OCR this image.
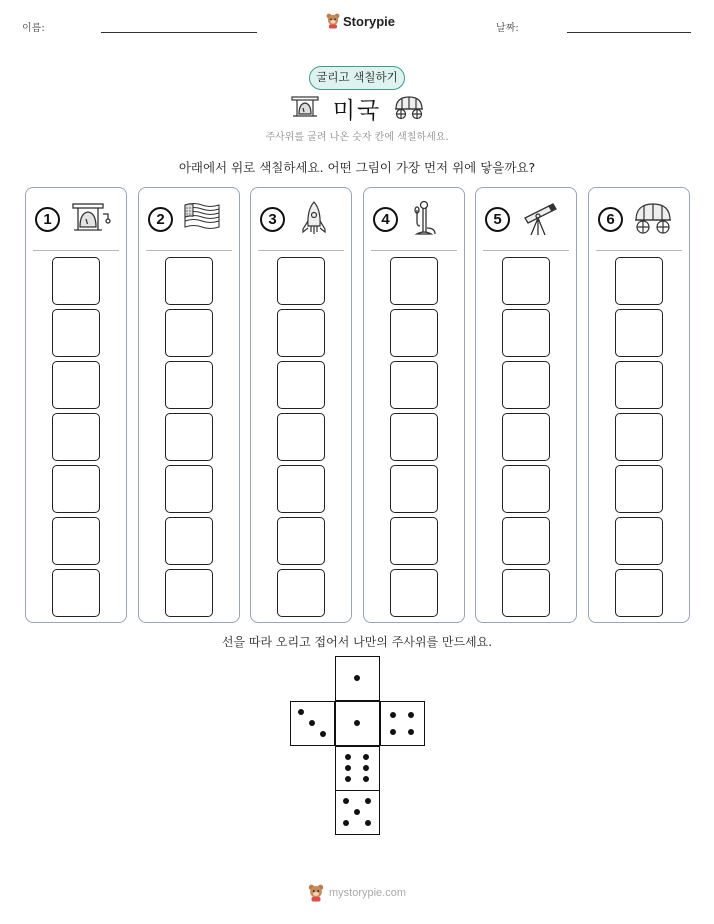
이름:	Storypie	날짜:
굴리고 색칠하기
미국
주사위를 굴려 나온 숫자 칸에 색칠하세요.
아래에서 위로 색칠하세요. 어떤 그림이 가장 먼저 위에 닿을까요?
1	2	3	4	5	6
선을 따라 오리고 접어서 나만의 주사위를 만드세요.
mystorypie.com
